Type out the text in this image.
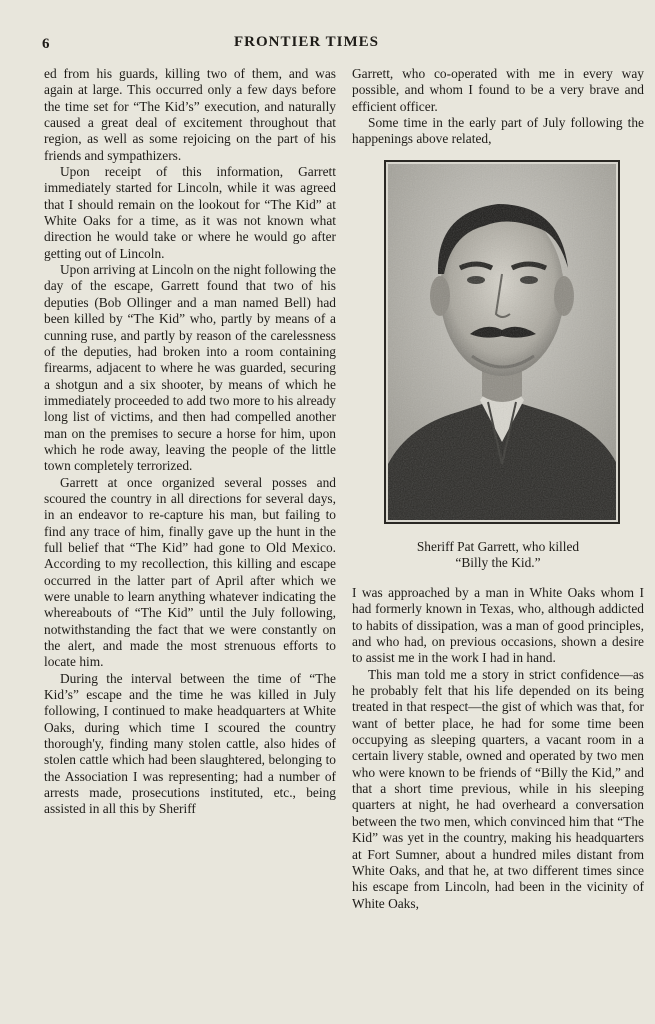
6	FRONTIER TIMES

ed from his guards, killing two of them, and was again at large. This occurred only a few days before the time set for “The Kid’s” execution, and naturally caused a great deal of excitement throughout that region, as well as some rejoicing on the part of his friends and sympathizers.

Upon receipt of this information, Garrett immediately started for Lincoln, while it was agreed that I should remain on the lookout for “The Kid” at White Oaks for a time, as it was not known what direction he would take or where he would go after getting out of Lincoln.

Upon arriving at Lincoln on the night following the day of the escape, Garrett found that two of his deputies (Bob Ollinger and a man named Bell) had been killed by “The Kid” who, partly by means of a cunning ruse, and partly by reason of the carelessness of the deputies, had broken into a room containing firearms, adjacent to where he was guarded, securing a shotgun and a six shooter, by means of which he immediately proceeded to add two more to his already long list of victims, and then had compelled another man on the premises to secure a horse for him, upon which he rode away, leaving the people of the little town completely terrorized.

Garrett at once organized several posses and scoured the country in all directions for several days, in an endeavor to re-capture his man, but failing to find any trace of him, finally gave up the hunt in the full belief that “The Kid” had gone to Old Mexico. According to my recollection, this killing and escape occurred in the latter part of April after which we were unable to learn anything whatever indicating the whereabouts of “The Kid” until the July following, notwithstanding the fact that we were constantly on the alert, and made the most strenuous efforts to locate him.

During the interval between the time of “The Kid’s” escape and the time he was killed in July following, I continued to make headquarters at White Oaks, during which time I scoured the country thorough'y, finding many stolen cattle, also hides of stolen cattle which had been slaughtered, belonging to the Association I was representing; had a number of arrests made, prosecutions instituted, etc., being assisted in all this by Sheriff

Garrett, who co-operated with me in every way possible, and whom I found to be a very brave and efficient officer.

Some time in the early part of July following the happenings above related,

Sheriff Pat Garrett, who killed
“Billy the Kid.”

I was approached by a man in White Oaks whom I had formerly known in Texas, who, although addicted to habits of dissipation, was a man of good principles, and who had, on previous occasions, shown a desire to assist me in the work I had in hand.

This man told me a story in strict confidence—as he probably felt that his life depended on its being treated in that respect—the gist of which was that, for want of better place, he had for some time been occupying as sleeping quarters, a vacant room in a certain livery stable, owned and operated by two men who were known to be friends of “Billy the Kid,” and that a short time previous, while in his sleeping quarters at night, he had overheard a conversation between the two men, which convinced him that “The Kid” was yet in the country, making his headquarters at Fort Sumner, about a hundred miles distant from White Oaks, and that he, at two different times since his escape from Lincoln, had been in the vicinity of White Oaks,
